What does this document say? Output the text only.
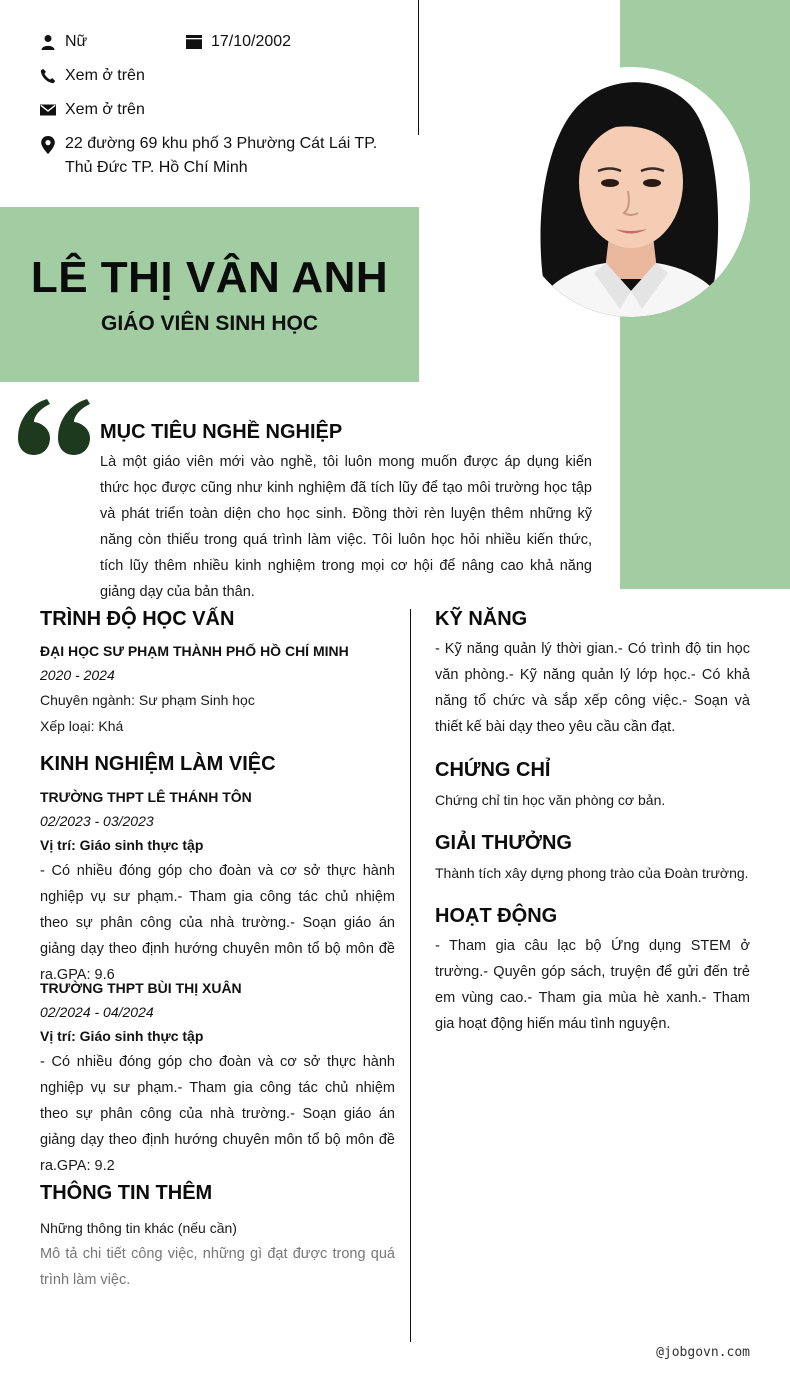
Nữ	17/10/2002
Xem ở trên
Xem ở trên
22 đường 69 khu phố 3 Phường Cát Lái TP. Thủ Đức TP. Hồ Chí Minh
LÊ THỊ VÂN ANH
GIÁO VIÊN SINH HỌC
MỤC TIÊU NGHỀ NGHIỆP
Là một giáo viên mới vào nghề, tôi luôn mong muốn được áp dụng kiến thức học được cũng như kinh nghiệm đã tích lũy để tạo môi trường học tập và phát triển toàn diện cho học sinh. Đồng thời rèn luyện thêm những kỹ năng còn thiếu trong quá trình làm việc. Tôi luôn học hỏi nhiều kiến thức, tích lũy thêm nhiều kinh nghiệm trong mọi cơ hội để nâng cao khả năng giảng dạy của bản thân.
TRÌNH ĐỘ HỌC VẤN
ĐẠI HỌC SƯ PHẠM THÀNH PHỐ HỒ CHÍ MINH
2020 - 2024
Chuyên ngành: Sư phạm Sinh học
Xếp loại: Khá
KINH NGHIỆM LÀM VIỆC
TRƯỜNG THPT LÊ THÁNH TÔN
02/2023 - 03/2023
Vị trí: Giáo sinh thực tập
- Có nhiều đóng góp cho đoàn và cơ sở thực hành nghiệp vụ sư phạm.- Tham gia công tác chủ nhiệm theo sự phân công của nhà trường.- Soạn giáo án giảng dạy theo định hướng chuyên môn tổ bộ môn đề ra.GPA: 9.6
TRƯỜNG THPT BÙI THỊ XUÂN
02/2024 - 04/2024
Vị trí: Giáo sinh thực tập
- Có nhiều đóng góp cho đoàn và cơ sở thực hành nghiệp vụ sư phạm.- Tham gia công tác chủ nhiệm theo sự phân công của nhà trường.- Soạn giáo án giảng dạy theo định hướng chuyên môn tổ bộ môn đề ra.GPA: 9.2
THÔNG TIN THÊM
Những thông tin khác (nếu cần)
Mô tả chi tiết công việc, những gì đạt được trong quá trình làm việc.
KỸ NĂNG
- Kỹ năng quản lý thời gian.- Có trình độ tin học văn phòng.- Kỹ năng quản lý lớp học.- Có khả năng tổ chức và sắp xếp công việc.- Soạn và thiết kế bài dạy theo yêu cầu cần đạt.
CHỨNG CHỈ
Chứng chỉ tin học văn phòng cơ bản.
GIẢI THƯỞNG
Thành tích xây dựng phong trào của Đoàn trường.
HOẠT ĐỘNG
- Tham gia câu lạc bộ Ứng dụng STEM ở trường.- Quyên góp sách, truyện để gửi đến trẻ em vùng cao.- Tham gia mùa hè xanh.- Tham gia hoạt động hiến máu tình nguyện.
@jobgovn.com
